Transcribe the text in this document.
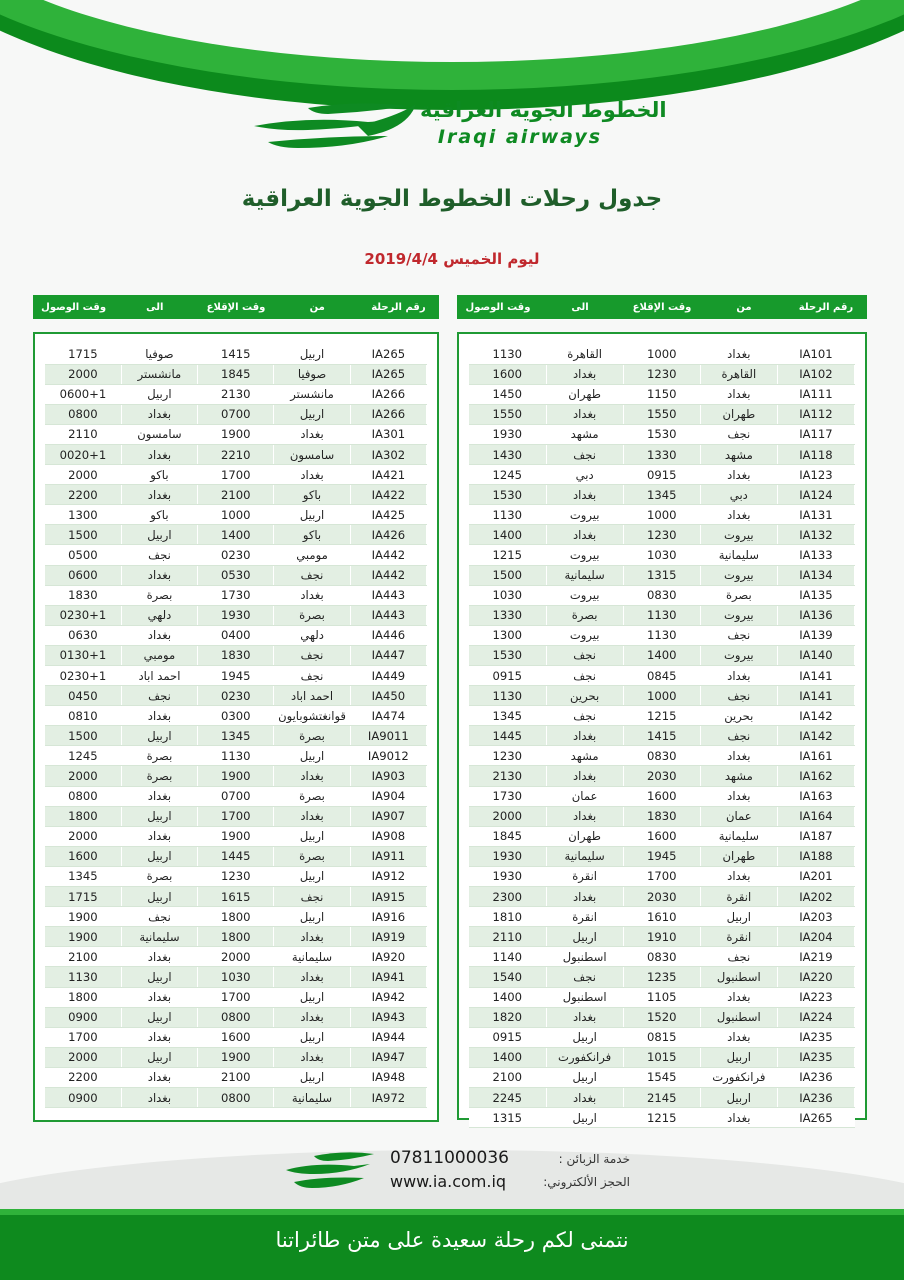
الخطوط الجوية العراقية
Iraqi airways
جدول رحلات الخطوط الجوية العراقية
ليوم الخميس 2019/4/4
وقت الوصول	الى	وقت الإقلاع	من	رقم الرحلة	وقت الوصول	الى	وقت الإقلاع	من	رقم الرحلة
1715	صوفيا	1415	اربيل	IA265
2000	مانشستر	1845	صوفيا	IA265
0600+1	اربيل	2130	مانشستر	IA266
0800	بغداد	0700	اربيل	IA266
2110	سامسون	1900	بغداد	IA301
0020+1	بغداد	2210	سامسون	IA302
2000	باكو	1700	بغداد	IA421
2200	بغداد	2100	باكو	IA422
1300	باكو	1000	اربيل	IA425
1500	اربيل	1400	باكو	IA426
0500	نجف	0230	مومبي	IA442
0600	بغداد	0530	نجف	IA442
1830	بصرة	1730	بغداد	IA443
0230+1	دلهي	1930	بصرة	IA443
0630	بغداد	0400	دلهي	IA446
0130+1	مومبي	1830	نجف	IA447
0230+1	احمد اباد	1945	نجف	IA449
0450	نجف	0230	احمد اباد	IA450
0810	بغداد	0300	قوانغتشوبايون	IA474
1500	اربيل	1345	بصرة	IA9011
1245	بصرة	1130	اربيل	IA9012
2000	بصرة	1900	بغداد	IA903
0800	بغداد	0700	بصرة	IA904
1800	اربيل	1700	بغداد	IA907
2000	بغداد	1900	اربيل	IA908
1600	اربيل	1445	بصرة	IA911
1345	بصرة	1230	اربيل	IA912
1715	اربيل	1615	نجف	IA915
1900	نجف	1800	اربيل	IA916
1900	سليمانية	1800	بغداد	IA919
2100	بغداد	2000	سليمانية	IA920
1130	اربيل	1030	بغداد	IA941
1800	بغداد	1700	اربيل	IA942
0900	اربيل	0800	بغداد	IA943
1700	بغداد	1600	اربيل	IA944
2000	اربيل	1900	بغداد	IA947
2200	بغداد	2100	اربيل	IA948
0900	بغداد	0800	سليمانية	IA972
1130	القاهرة	1000	بغداد	IA101
1600	بغداد	1230	القاهرة	IA102
1450	طهران	1150	بغداد	IA111
1550	بغداد	1550	طهران	IA112
1930	مشهد	1530	نجف	IA117
1430	نجف	1330	مشهد	IA118
1245	دبي	0915	بغداد	IA123
1530	بغداد	1345	دبي	IA124
1130	بيروت	1000	بغداد	IA131
1400	بغداد	1230	بيروت	IA132
1215	بيروت	1030	سليمانية	IA133
1500	سليمانية	1315	بيروت	IA134
1030	بيروت	0830	بصرة	IA135
1330	بصرة	1130	بيروت	IA136
1300	بيروت	1130	نجف	IA139
1530	نجف	1400	بيروت	IA140
0915	نجف	0845	بغداد	IA141
1130	بحرين	1000	نجف	IA141
1345	نجف	1215	بحرين	IA142
1445	بغداد	1415	نجف	IA142
1230	مشهد	0830	بغداد	IA161
2130	بغداد	2030	مشهد	IA162
1730	عمان	1600	بغداد	IA163
2000	بغداد	1830	عمان	IA164
1845	طهران	1600	سليمانية	IA187
1930	سليمانية	1945	طهران	IA188
1930	انقرة	1700	بغداد	IA201
2300	بغداد	2030	انقرة	IA202
1810	انقرة	1610	اربيل	IA203
2110	اربيل	1910	انقرة	IA204
1140	اسطنبول	0830	نجف	IA219
1540	نجف	1235	اسطنبول	IA220
1400	اسطنبول	1105	بغداد	IA223
1820	بغداد	1520	اسطنبول	IA224
0915	اربيل	0815	بغداد	IA235
1400	فرانكفورت	1015	اربيل	IA235
2100	اربيل	1545	فرانكفورت	IA236
2245	بغداد	2145	اربيل	IA236
1315	اربيل	1215	بغداد	IA265
07811000036
www.ia.com.iq
خدمة الزبائن :
الحجز الألكتروني:
نتمنى لكم رحلة سعيدة على متن طائراتنا
